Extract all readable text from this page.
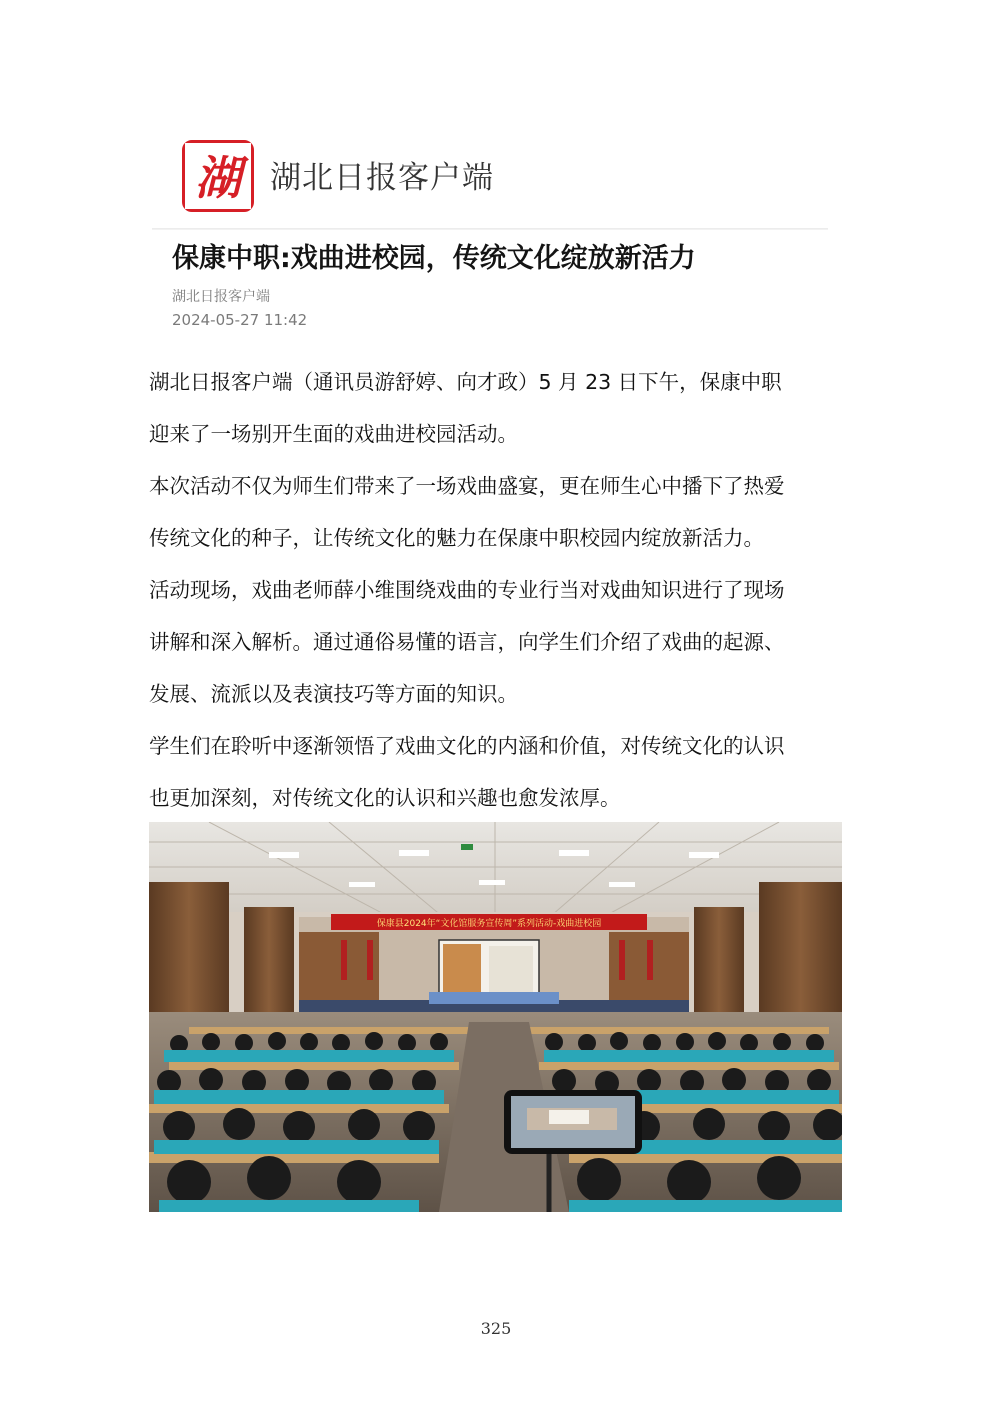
湖 湖北日报客户端
保康中职:戏曲进校园，传统文化绽放新活力
湖北日报客户端
2024-05-27 11:42

湖北日报客户端（通讯员游舒婷、向才政）5 月 23 日下午，保康中职
迎来了一场别开生面的戏曲进校园活动。

本次活动不仅为师生们带来了一场戏曲盛宴，更在师生心中播下了热爱
传统文化的种子，让传统文化的魅力在保康中职校园内绽放新活力。

活动现场，戏曲老师薛小维围绕戏曲的专业行当对戏曲知识进行了现场
讲解和深入解析。通过通俗易懂的语言，向学生们介绍了戏曲的起源、
发展、流派以及表演技巧等方面的知识。

学生们在聆听中逐渐领悟了戏曲文化的内涵和价值，对传统文化的认识
也更加深刻，对传统文化的认识和兴趣也愈发浓厚。

保康县2024年“文化馆服务宣传周”系列活动-戏曲进校园
325
